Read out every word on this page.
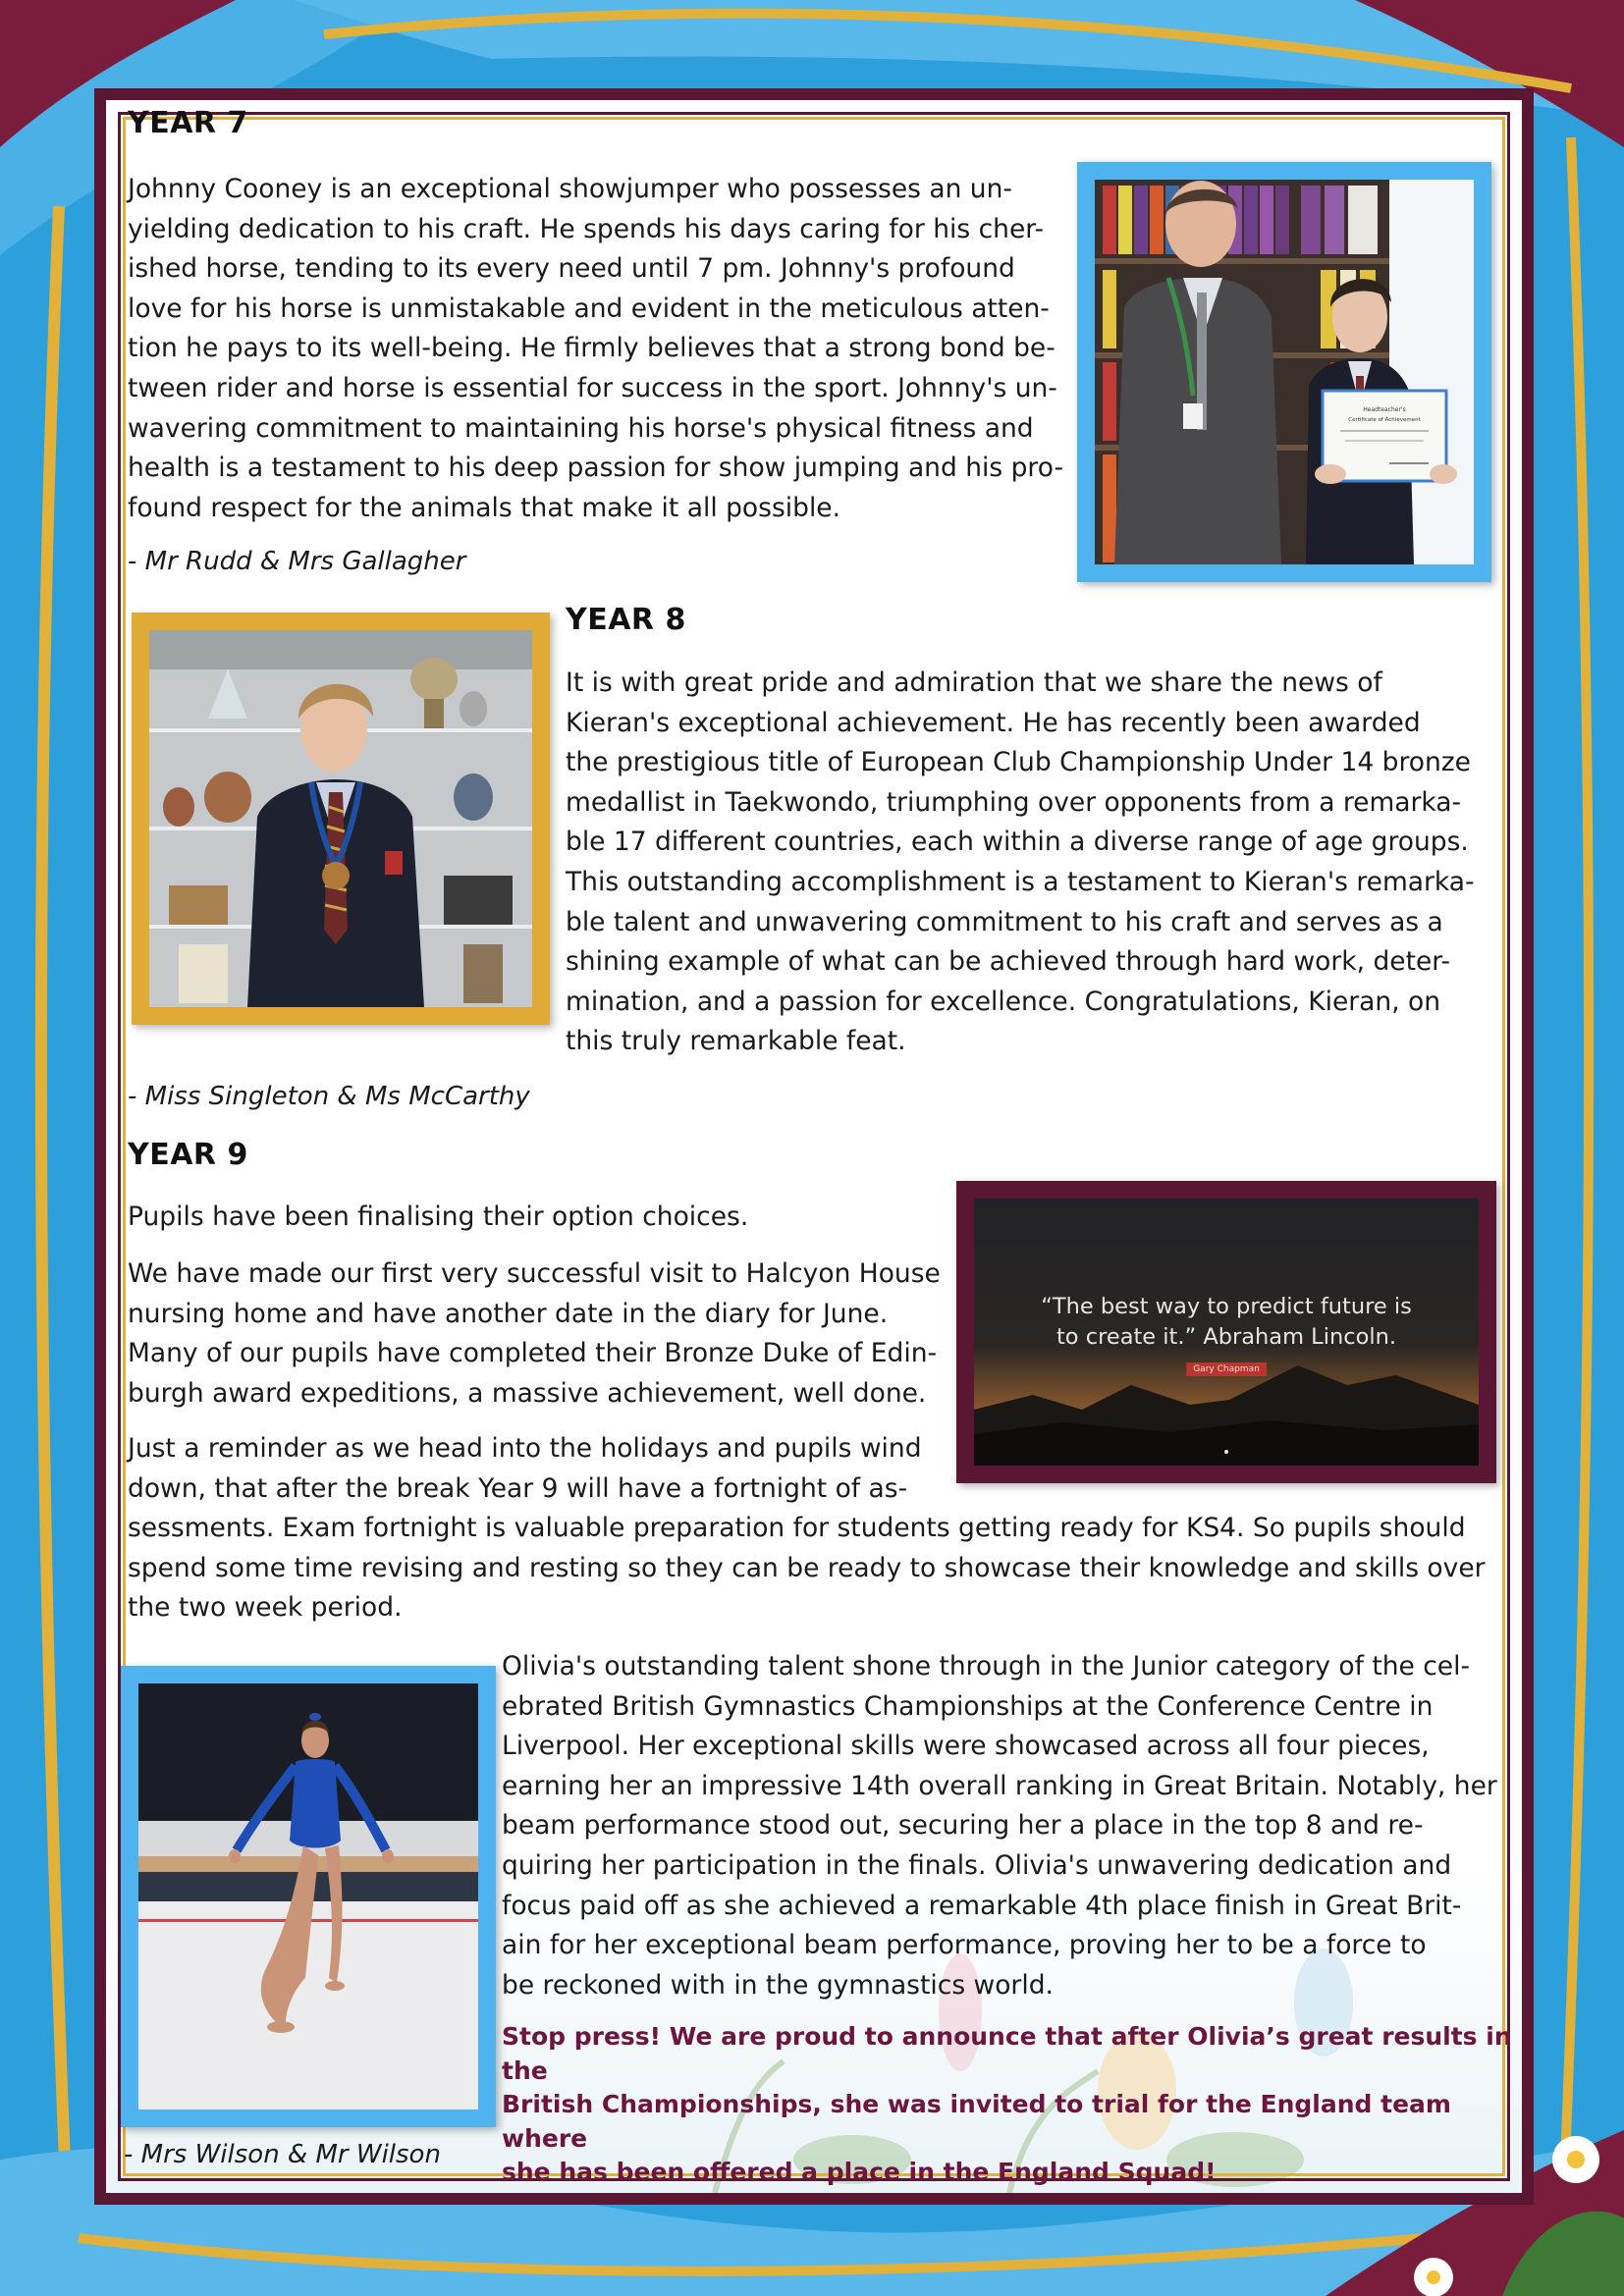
YEAR 7
Johnny Cooney is an exceptional showjumper who possesses an un-
yielding dedication to his craft. He spends his days caring for his cher-
ished horse, tending to its every need until 7 pm. Johnny's profound
love for his horse is unmistakable and evident in the meticulous atten-
tion he pays to its well-being. He firmly believes that a strong bond be-
tween rider and horse is essential for success in the sport. Johnny's un-
wavering commitment to maintaining his horse's physical fitness and
health is a testament to his deep passion for show jumping and his pro-
found respect for the animals that make it all possible.

- Mr Rudd & Mrs Gallagher

Headteacher's
Certificate of Achievement
YEAR 8
It is with great pride and admiration that we share the news of
Kieran's exceptional achievement. He has recently been awarded
the prestigious title of European Club Championship Under 14 bronze
medallist in Taekwondo, triumphing over opponents from a remarka-
ble 17 different countries, each within a diverse range of age groups.
This outstanding accomplishment is a testament to Kieran's remarka-
ble talent and unwavering commitment to his craft and serves as a
shining example of what can be achieved through hard work, deter-
mination, and a passion for excellence. Congratulations, Kieran, on
this truly remarkable feat.

- Miss Singleton & Ms McCarthy

YEAR 9

Pupils have been finalising their option choices.

We have made our first very successful visit to Halcyon House
nursing home and have another date in the diary for June.
Many of our pupils have completed their Bronze Duke of Edin-
burgh award expeditions, a massive achievement, well done.
Just a reminder as we head into the holidays and pupils wind
down, that after the break Year 9 will have a fortnight of as-
sessments. Exam fortnight is valuable preparation for students getting ready for KS4. So pupils should
spend some time revising and resting so they can be ready to showcase their knowledge and skills over
the two week period.
“The best way to predict future is
to create it.” Abraham Lincoln.
Gary Chapman
Olivia's outstanding talent shone through in the Junior category of the cel-
ebrated British Gymnastics Championships at the Conference Centre in
Liverpool. Her exceptional skills were showcased across all four pieces,
earning her an impressive 14th overall ranking in Great Britain. Notably, her
beam performance stood out, securing her a place in the top 8 and re-
quiring her participation in the finals. Olivia's unwavering dedication and
focus paid off as she achieved a remarkable 4th place finish in Great Brit-
ain for her exceptional beam performance, proving her to be a force to
be reckoned with in the gymnastics world.
Stop press! We are proud to announce that after Olivia’s great results in the
British Championships, she was invited to trial for the England team where
she has been offered a place in the England Squad!

- Mrs Wilson & Mr Wilson
